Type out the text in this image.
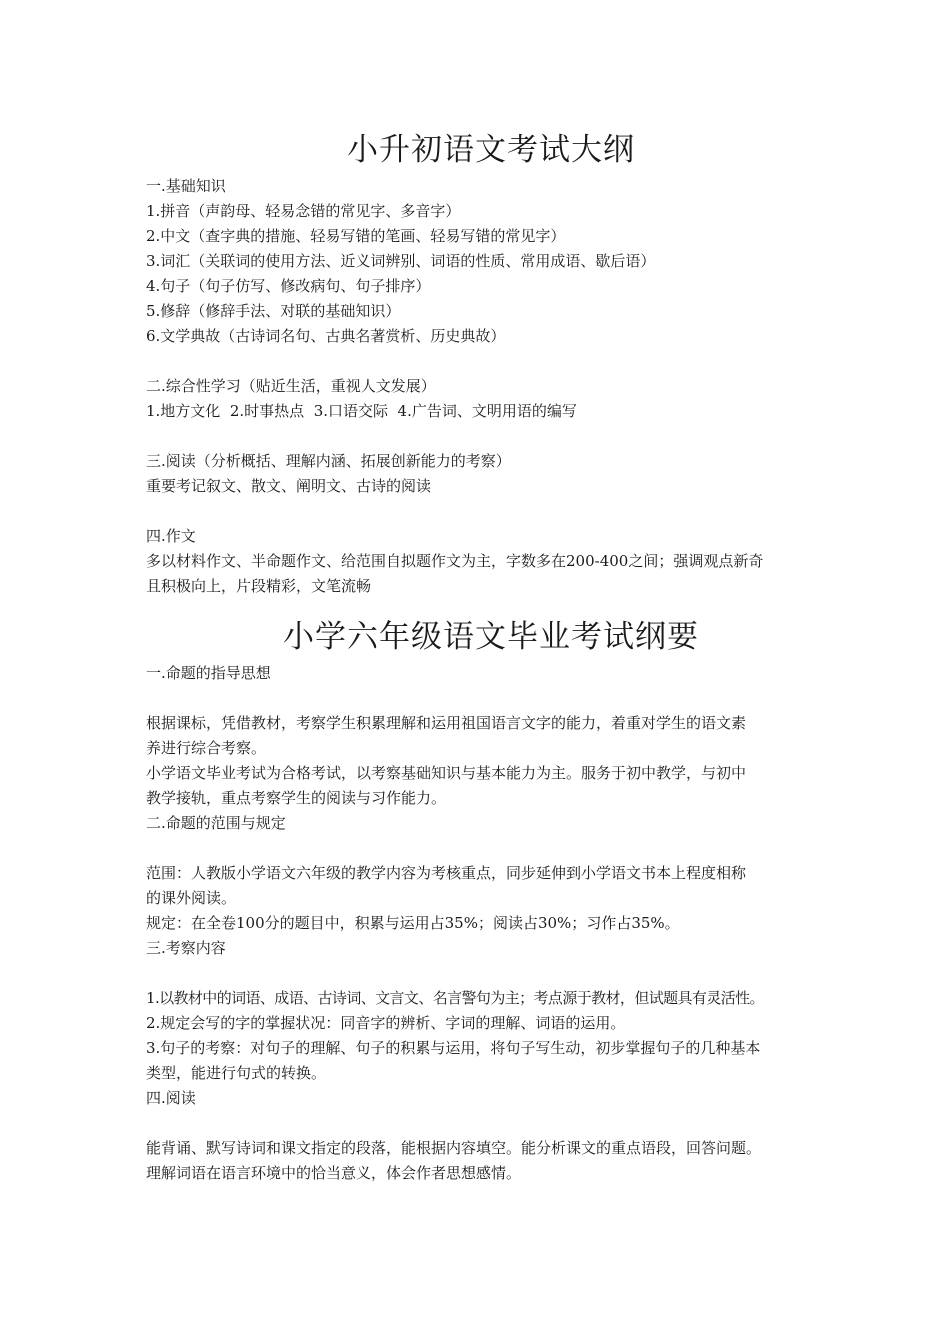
小升初语文考试大纲

一.基础知识

1.拼音（声韵母、轻易念错的常见字、多音字）

2.中文（查字典的措施、轻易写错的笔画、轻易写错的常见字）

3.词汇（关联词的使用方法、近义词辨别、词语的性质、常用成语、歇后语）

4.句子（句子仿写、修改病句、句子排序）

5.修辞（修辞手法、对联的基础知识）

6.文学典故（古诗词名句、古典名著赏析、历史典故）

二.综合性学习（贴近生活，重视人文发展）

1.地方文化  2.时事热点  3.口语交际  4.广告词、文明用语的编写

三.阅读（分析概括、理解内涵、拓展创新能力的考察）

重要考记叙文、散文、阐明文、古诗的阅读

四.作文

多以材料作文、半命题作文、给范围自拟题作文为主，字数多在200-400之间；强调观点新奇

且积极向上，片段精彩，文笔流畅

小学六年级语文毕业考试纲要

一.命题的指导思想

根据课标，凭借教材，考察学生积累理解和运用祖国语言文字的能力，着重对学生的语文素

养进行综合考察。

小学语文毕业考试为合格考试，以考察基础知识与基本能力为主。服务于初中教学，与初中

教学接轨，重点考察学生的阅读与习作能力。

二.命题的范围与规定

范围：人教版小学语文六年级的教学内容为考核重点，同步延伸到小学语文书本上程度相称

的课外阅读。

规定：在全卷100分的题目中，积累与运用占35%；阅读占30%；习作占35%。

三.考察内容

1.以教材中的词语、成语、古诗词、文言文、名言警句为主；考点源于教材，但试题具有灵活性。

2.规定会写的字的掌握状况：同音字的辨析、字词的理解、词语的运用。

3.句子的考察：对句子的理解、句子的积累与运用，将句子写生动，初步掌握句子的几种基本

类型，能进行句式的转换。

四.阅读

能背诵、默写诗词和课文指定的段落，能根据内容填空。能分析课文的重点语段，回答问题。

理解词语在语言环境中的恰当意义，体会作者思想感情。
